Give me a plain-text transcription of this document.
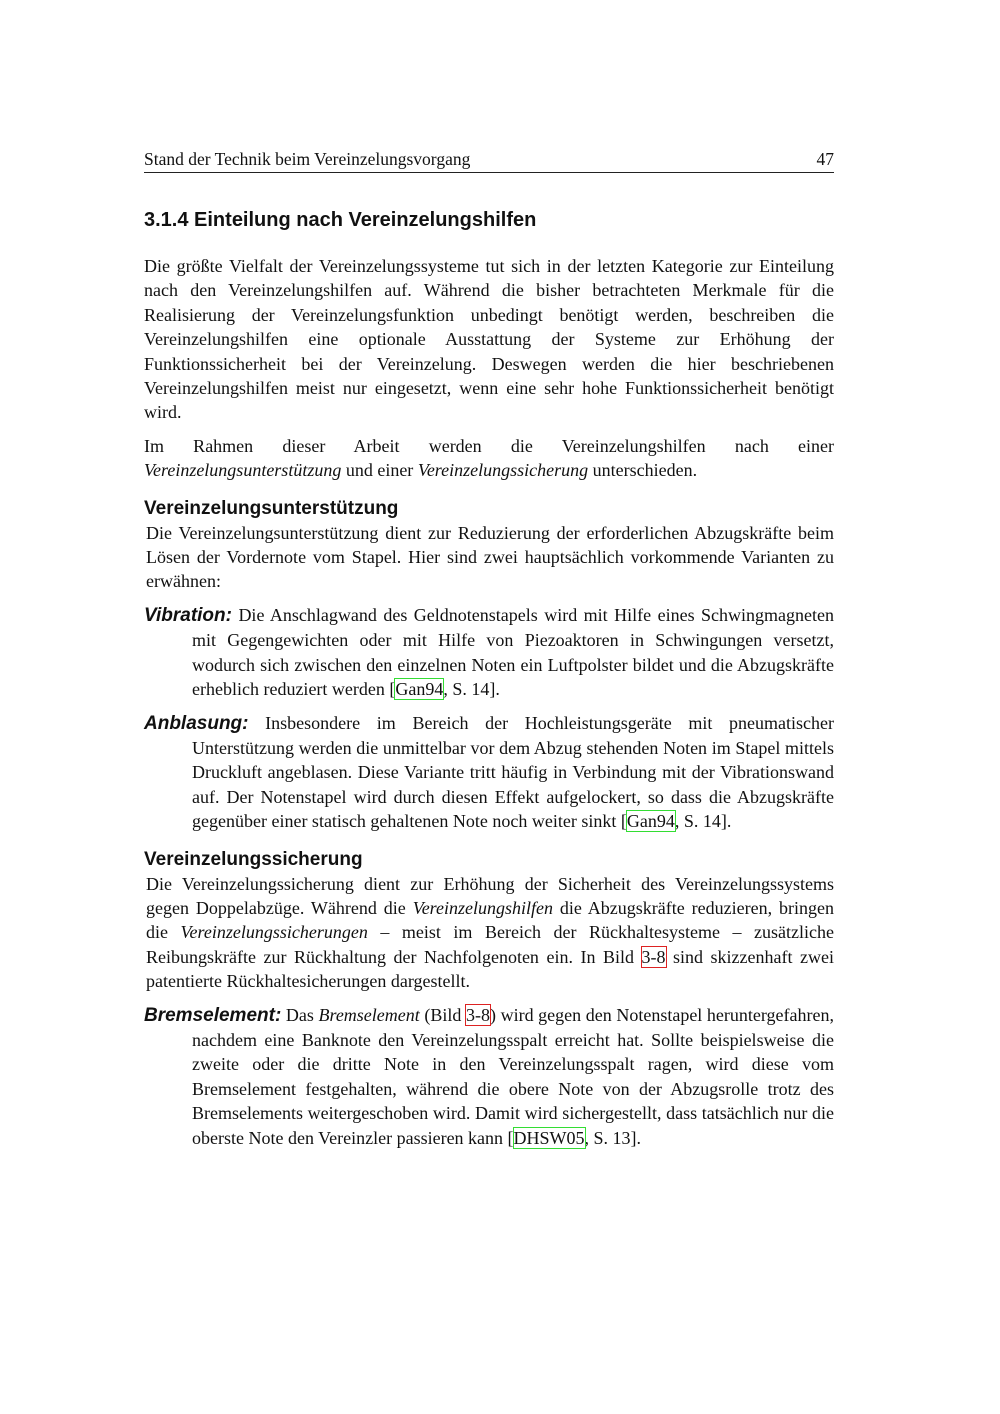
Stand der Technik beim Vereinzelungsvorgang	47
3.1.4 Einteilung nach Vereinzelungshilfen

Die größte Vielfalt der Vereinzelungssysteme tut sich in der letzten Kategorie zur Einteilung nach den Vereinzelungshilfen auf. Während die bisher betrachteten Merkmale für die Realisierung der Vereinzelungsfunktion unbedingt benötigt werden, beschreiben die Vereinzelungshilfen eine optionale Ausstattung der Systeme zur Erhöhung der Funktionssicherheit bei der Vereinzelung. Deswegen werden die hier beschriebenen Vereinzelungshilfen meist nur eingesetzt, wenn eine sehr hohe Funktionssicherheit benötigt wird.

Im Rahmen dieser Arbeit werden die Vereinzelungshilfen nach einer Vereinzelungsunterstützung und einer Vereinzelungssicherung unterschieden.

Vereinzelungsunterstützung

Die Vereinzelungsunterstützung dient zur Reduzierung der erforderlichen Abzugskräfte beim Lösen der Vordernote vom Stapel. Hier sind zwei hauptsächlich vorkommende Varianten zu erwähnen:

Vibration: Die Anschlagwand des Geldnotenstapels wird mit Hilfe eines Schwingmagneten mit Gegengewichten oder mit Hilfe von Piezoaktoren in Schwingungen versetzt, wodurch sich zwischen den einzelnen Noten ein Luftpolster bildet und die Abzugskräfte erheblich reduziert werden [Gan94, S. 14].

Anblasung: Insbesondere im Bereich der Hochleistungsgeräte mit pneumatischer Unterstützung werden die unmittelbar vor dem Abzug stehenden Noten im Stapel mittels Druckluft angeblasen. Diese Variante tritt häufig in Verbindung mit der Vibrationswand auf. Der Notenstapel wird durch diesen Effekt aufgelockert, so dass die Abzugskräfte gegenüber einer statisch gehaltenen Note noch weiter sinkt [Gan94, S. 14].

Vereinzelungssicherung

Die Vereinzelungssicherung dient zur Erhöhung der Sicherheit des Vereinzelungssystems gegen Doppelabzüge. Während die Vereinzelungshilfen die Abzugskräfte reduzieren, bringen die Vereinzelungssicherungen – meist im Bereich der Rückhaltesysteme – zusätzliche Reibungskräfte zur Rückhaltung der Nachfolgenoten ein. In Bild 3-8 sind skizzenhaft zwei patentierte Rückhaltesicherungen dargestellt.

Bremselement: Das Bremselement (Bild 3-8) wird gegen den Notenstapel heruntergefahren, nachdem eine Banknote den Vereinzelungsspalt erreicht hat. Sollte beispielsweise die zweite oder die dritte Note in den Vereinzelungsspalt ragen, wird diese vom Bremselement festgehalten, während die obere Note von der Abzugsrolle trotz des Bremselements weitergeschoben wird. Damit wird sichergestellt, dass tatsächlich nur die oberste Note den Vereinzler passieren kann [DHSW05, S. 13].
